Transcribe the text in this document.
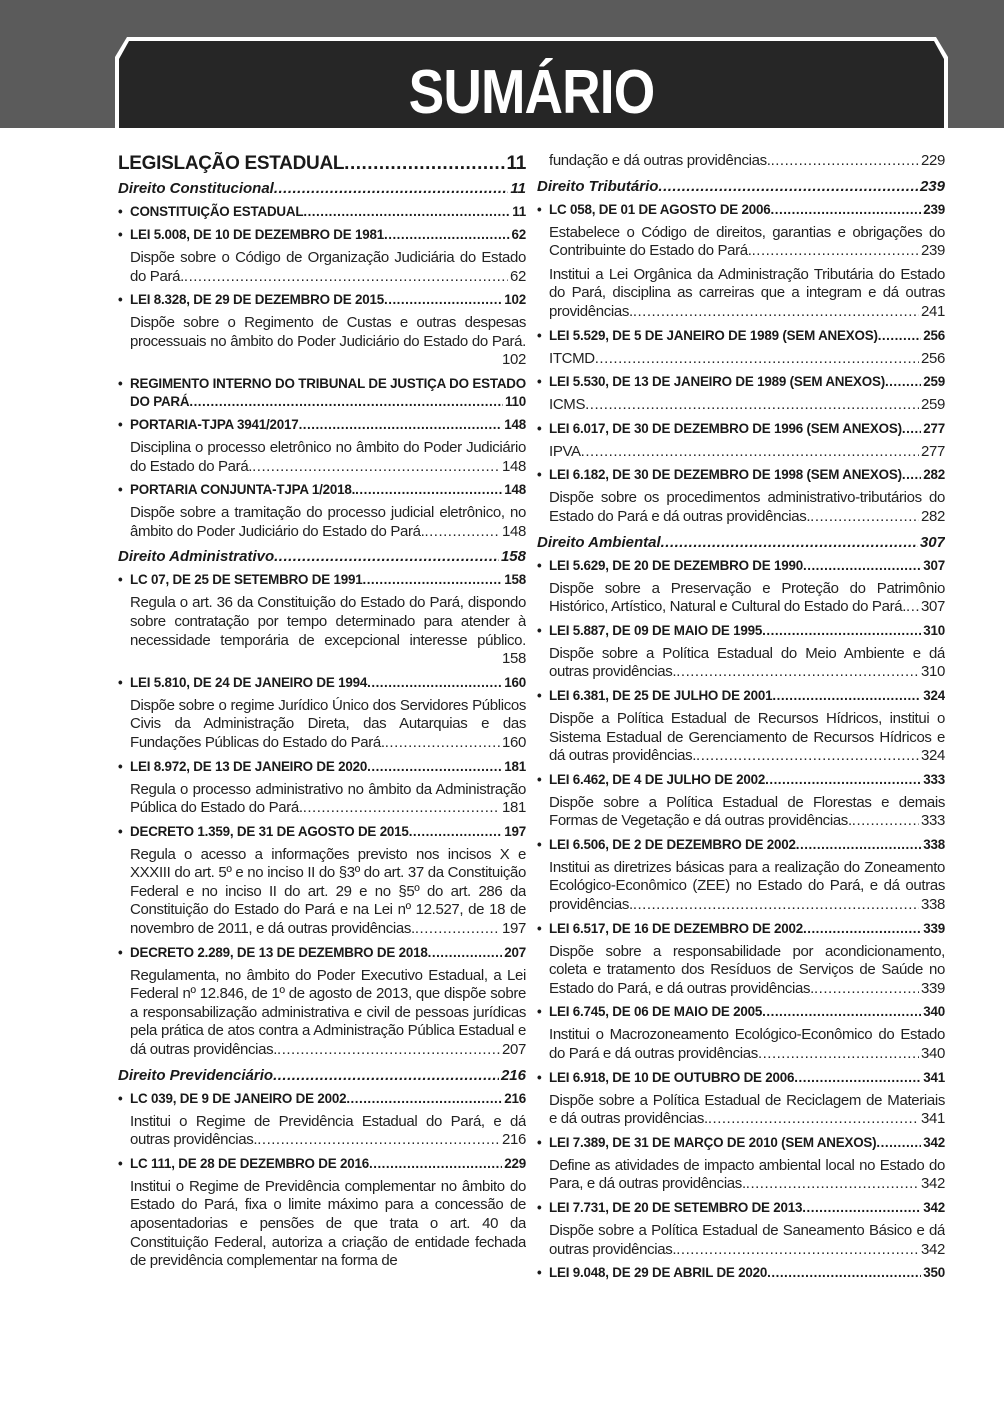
SUMÁRIO
LEGISLAÇÃO ESTADUAL .....	11
Direito Constitucional .....	11
• CONSTITUIÇÃO ESTADUAL .....	11
• LEI 5.008, DE 10 DE DEZEMBRO DE 1981 .....	62
Dispõe sobre o Código de Organização Judiciária do Estado do Pará. .....	62
• LEI 8.328, DE 29 DE DEZEMBRO DE 2015 .....	102
Dispõe sobre o Regimento de Custas e outras despesas processuais no âmbito do Poder Judiciário do Estado do Pará. .....
102
• REGIMENTO INTERNO DO TRIBUNAL DE JUSTIÇA DO ESTADO DO PARÁ .....	110
• PORTARIA-TJPA 3941/2017 .....	148
Disciplina o processo eletrônico no âmbito do Poder Judiciário do Estado do Pará. .....	148
• PORTARIA CONJUNTA-TJPA 1/2018. .....	148
Dispõe sobre a tramitação do processo judicial eletrônico, no âmbito do Poder Judiciário do Estado do Pará. .....	148
Direito Administrativo .....	158
• LC 07, DE 25 DE SETEMBRO DE 1991 .....	158
Regula o art. 36 da Constituição do Estado do Pará, dispondo sobre contratação por tempo determinado para atender à necessidade temporária de excepcional interesse público. .....
158
• LEI 5.810, DE 24 DE JANEIRO DE 1994 .....	160
Dispõe sobre o regime Jurídico Único dos Servidores Públicos Civis da Administração Direta, das Autarquias e das Fundações Públicas do Estado do Pará. .....	160
• LEI 8.972, DE 13 DE JANEIRO DE 2020 .....	181
Regula o processo administrativo no âmbito da Administração Pública do Estado do Pará. .....	181
• DECRETO 1.359, DE 31 DE AGOSTO DE 2015 .....	197
Regula o acesso a informações previsto nos incisos X e XXXIII do art. 5º e no inciso II do §3º do art. 37 da Constituição Federal e no inciso II do art. 29 e no §5º do art. 286 da Constituição do Estado do Pará e na Lei nº 12.527, de 18 de novembro de 2011, e dá outras providências. .....	197
• DECRETO 2.289, DE 13 DE DEZEMBRO DE 2018 .....	207
Regulamenta, no âmbito do Poder Executivo Estadual, a Lei Federal nº 12.846, de 1º de agosto de 2013, que dispõe sobre a responsabilização administrativa e civil de pessoas jurídicas pela prática de atos contra a Administração Pública Estadual e dá outras providências. .....	207
Direito Previdenciário .....	216
• LC 039, DE 9 DE JANEIRO DE 2002 .....	216
Institui o Regime de Previdência Estadual do Pará, e dá outras providências. .....	216
• LC 111, DE 28 DE DEZEMBRO DE 2016 .....	229
Institui o Regime de Previdência complementar no âmbito do Estado do Pará, fixa o limite máximo para a concessão de aposentadorias e pensões de que trata o art. 40 da Constituição Federal, autoriza a criação de entidade fechada de previdência complementar na forma de
fundação e dá outras providências. .....	229
Direito Tributário .....	239
• LC 058, DE 01 DE AGOSTO DE 2006 .....	239
Estabelece o Código de direitos, garantias e obrigações do Contribuinte do Estado do Pará. .....	239
Institui a Lei Orgânica da Administração Tributária do Estado do Pará, disciplina as carreiras que a integram e dá outras providências. .....	241
• LEI 5.529, DE 5 DE JANEIRO DE 1989 (SEM ANEXOS) .....	256
ITCMD .....	256
• LEI 5.530, DE 13 DE JANEIRO DE 1989 (SEM ANEXOS) .....	259
ICMS .....	259
• LEI 6.017, DE 30 DE DEZEMBRO DE 1996 (SEM ANEXOS) ..... 277
IPVA .....	277
• LEI 6.182, DE 30 DE DEZEMBRO DE 1998 (SEM ANEXOS) ..... 282
Dispõe sobre os procedimentos administrativo-tributários do Estado do Pará e dá outras providências. .....	282
Direito Ambiental .....	307
• LEI 5.629, DE 20 DE DEZEMBRO DE 1990 .....	307
Dispõe sobre a Preservação e Proteção do Patrimônio Histórico, Artístico, Natural e Cultural do Estado do Pará. ..... 307
• LEI 5.887, DE 09 DE MAIO DE 1995 .....	310
Dispõe sobre a Política Estadual do Meio Ambiente e dá outras providências. .....	310
• LEI 6.381, DE 25 DE JULHO DE 2001 .....	324
Dispõe a Política Estadual de Recursos Hídricos, institui o Sistema Estadual de Gerenciamento de Recursos Hídricos e dá outras providências. .....	324
• LEI 6.462, DE 4 DE JULHO DE 2002 .....	333
Dispõe sobre a Política Estadual de Florestas e demais Formas de Vegetação e dá outras providências. .....	333
• LEI 6.506, DE 2 DE DEZEMBRO DE 2002 .....	338
Institui as diretrizes básicas para a realização do Zoneamento Ecológico-Econômico (ZEE) no Estado do Pará, e dá outras providências. .....	338
• LEI 6.517, DE 16 DE DEZEMBRO DE 2002 .....	339
Dispõe sobre a responsabilidade por acondicionamento, coleta e tratamento dos Resíduos de Serviços de Saúde no Estado do Pará, e dá outras providências. .....	339
• LEI 6.745, DE 06 DE MAIO DE 2005 .....	340
Institui o Macrozoneamento Ecológico-Econômico do Estado do Pará e dá outras providências .....	340
• LEI 6.918, DE 10 DE OUTUBRO DE 2006 .....	341
Dispõe sobre a Política Estadual de Reciclagem de Materiais e dá outras providências. .....	341
• LEI 7.389, DE 31 DE MARÇO DE 2010 (SEM ANEXOS) .....	342
Define as atividades de impacto ambiental local no Estado do Para, e dá outras providências. .....	342
• LEI 7.731, DE 20 DE SETEMBRO DE 2013 .....	342
Dispõe sobre a Política Estadual de Saneamento Básico e dá outras providências. .....	342
• LEI 9.048, DE 29 DE ABRIL DE 2020 .....	350
